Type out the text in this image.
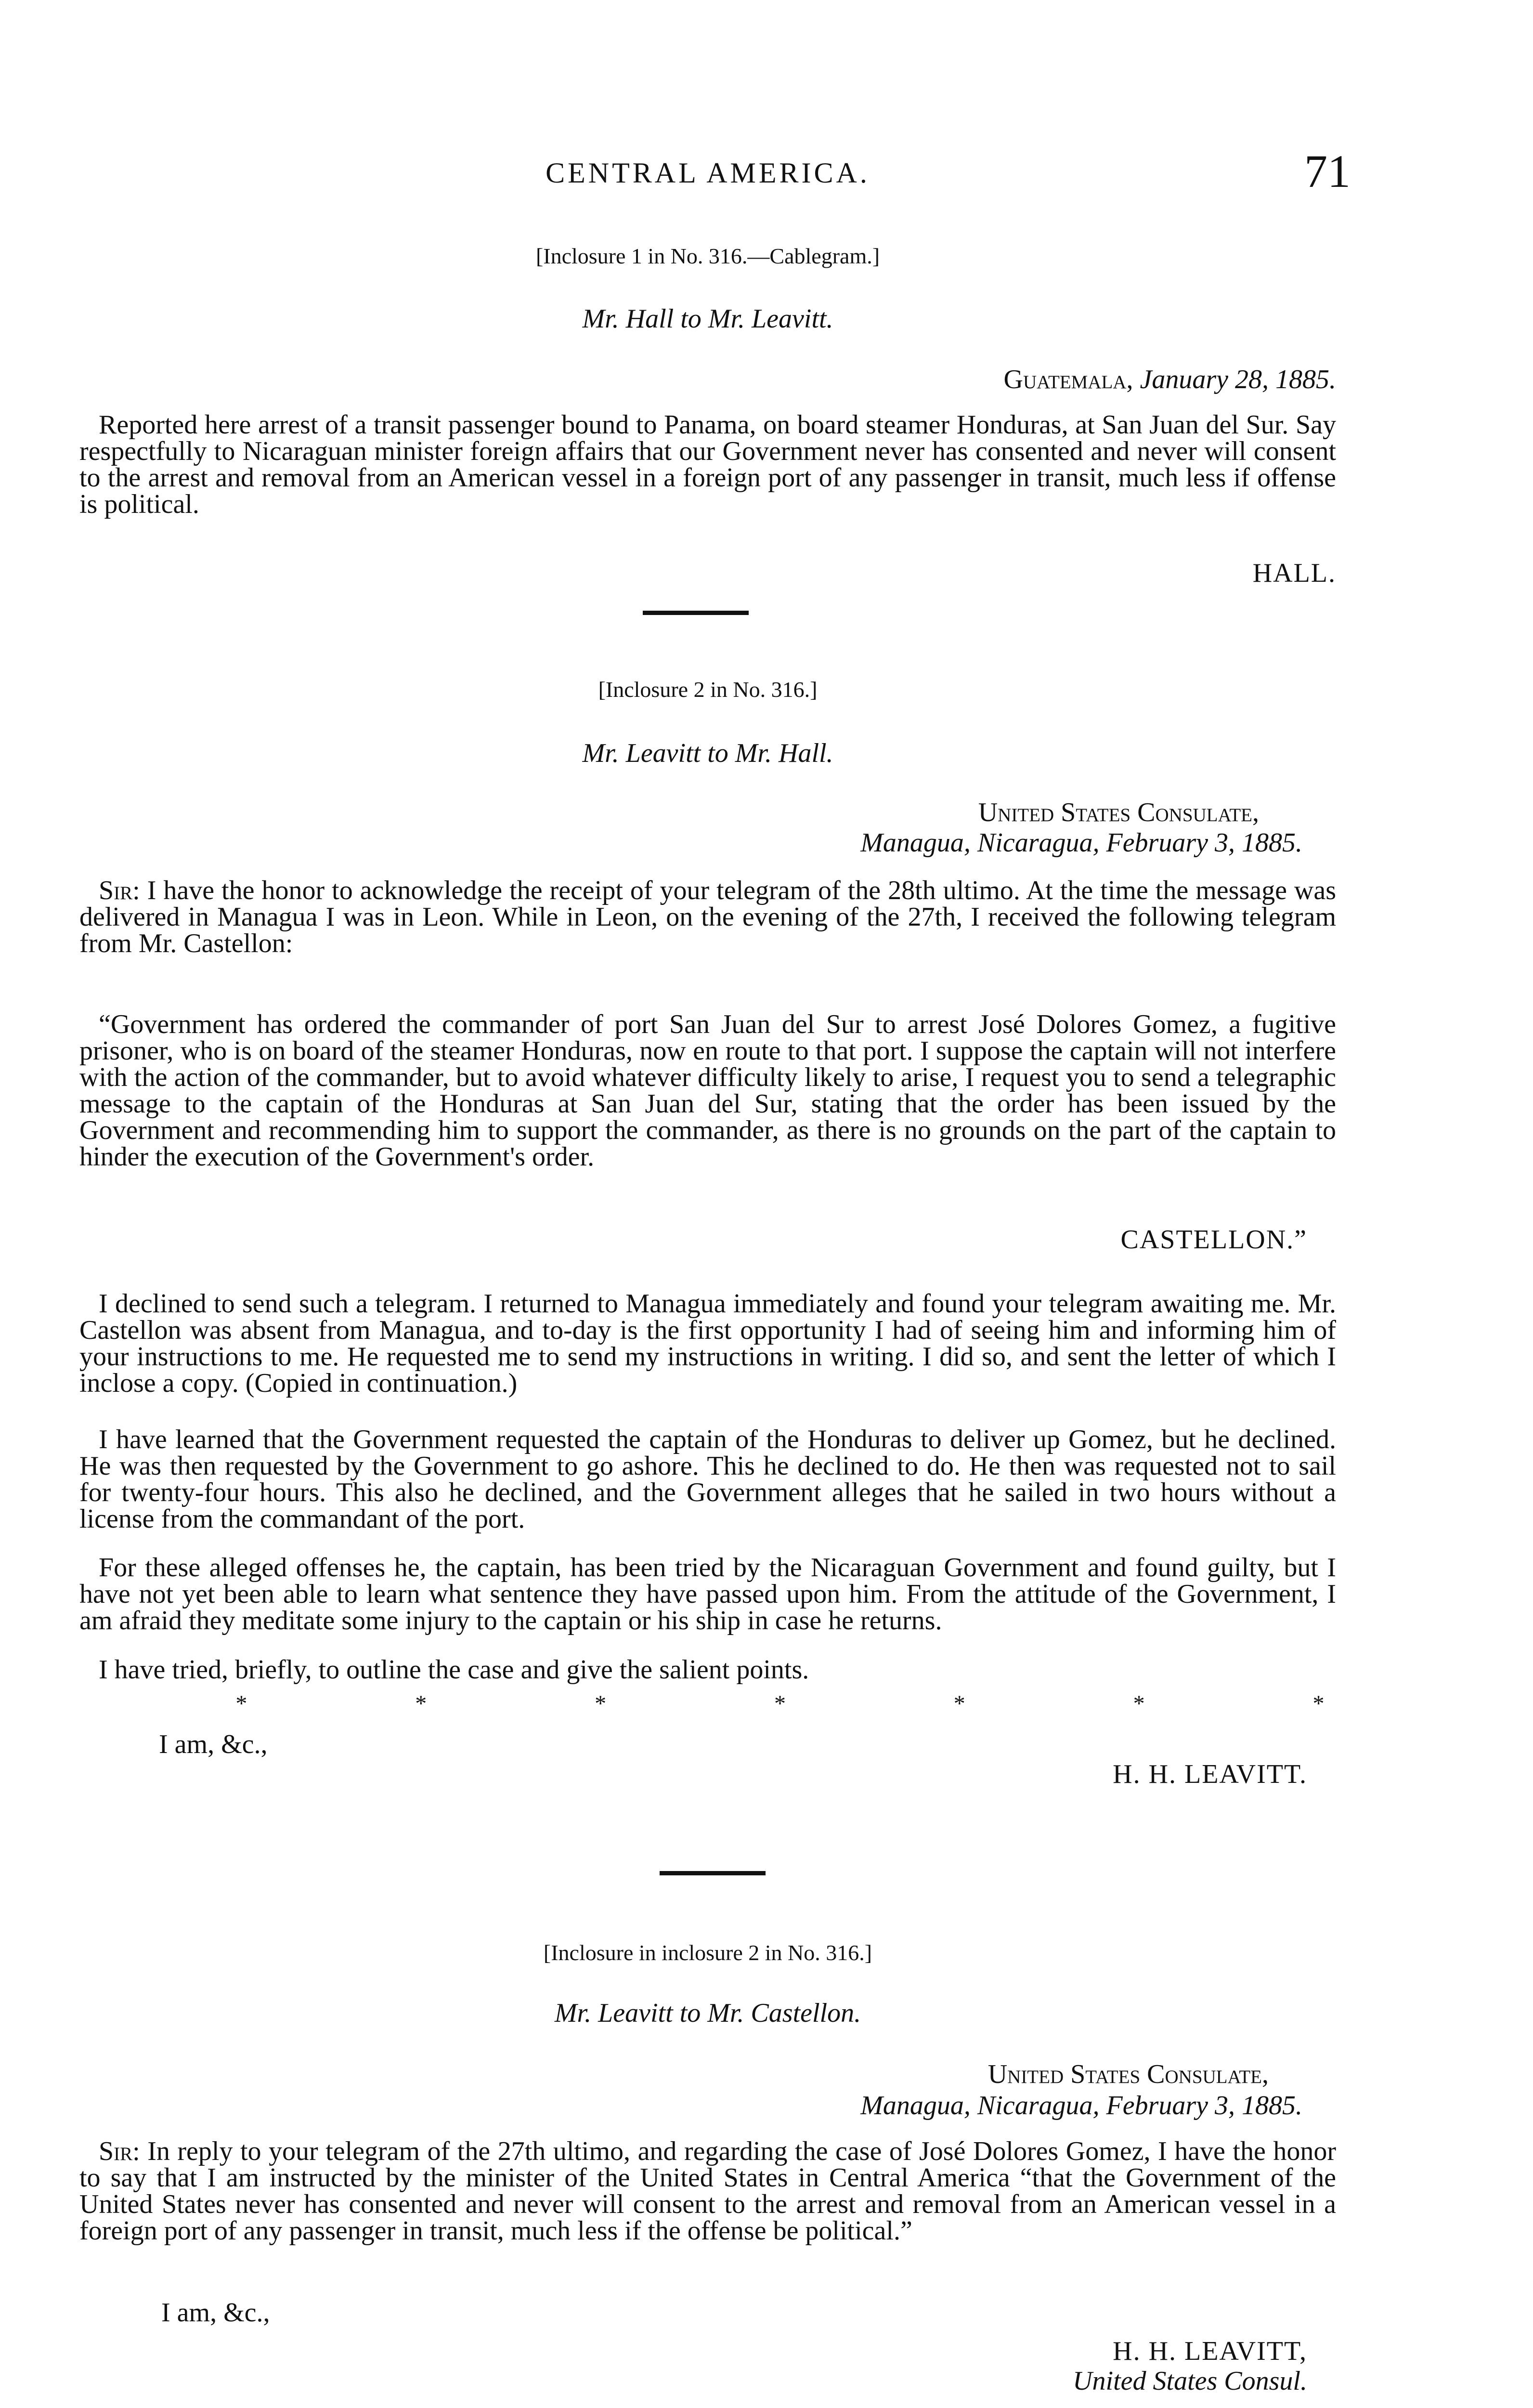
CENTRAL AMERICA.	71
[Inclosure 1 in No. 316.—Cablegram.]
Mr. Hall to Mr. Leavitt.
Guatemala, January 28, 1885.

Reported here arrest of a transit passenger bound to Panama, on board steamer Honduras, at San Juan del Sur. Say respectfully to Nicaraguan minister foreign affairs that our Government never has consented and never will consent to the arrest and removal from an American vessel in a foreign port of any passenger in transit, much less if offense is political.

HALL.
[Inclosure 2 in No. 316.]
Mr. Leavitt to Mr. Hall.
United States Consulate,
Managua, Nicaragua, February 3, 1885.

Sir: I have the honor to acknowledge the receipt of your telegram of the 28th ultimo. At the time the message was delivered in Managua I was in Leon. While in Leon, on the evening of the 27th, I received the following telegram from Mr. Castellon:

“Government has ordered the commander of port San Juan del Sur to arrest José Dolores Gomez, a fugitive prisoner, who is on board of the steamer Honduras, now en route to that port. I suppose the captain will not interfere with the action of the commander, but to avoid whatever difficulty likely to arise, I request you to send a telegraphic message to the captain of the Honduras at San Juan del Sur, stating that the order has been issued by the Government and recommending him to support the commander, as there is no grounds on the part of the captain to hinder the execution of the Government's order.

CASTELLON.”

I declined to send such a telegram. I returned to Managua immediately and found your telegram awaiting me. Mr. Castellon was absent from Managua, and to-day is the first opportunity I had of seeing him and informing him of your instructions to me. He requested me to send my instructions in writing. I did so, and sent the letter of which I inclose a copy. (Copied in continuation.)

I have learned that the Government requested the captain of the Honduras to deliver up Gomez, but he declined. He was then requested by the Government to go ashore. This he declined to do. He then was requested not to sail for twenty-four hours. This also he declined, and the Government alleges that he sailed in two hours without a license from the commandant of the port.

For these alleged offenses he, the captain, has been tried by the Nicaraguan Government and found guilty, but I have not yet been able to learn what sentence they have passed upon him. From the attitude of the Government, I am afraid they meditate some injury to the captain or his ship in case he returns.

I have tried, briefly, to outline the case and give the salient points.

*	*	*	*	*	*	*
I am, &c.,
H. H. LEAVITT.
[Inclosure in inclosure 2 in No. 316.]
Mr. Leavitt to Mr. Castellon.
United States Consulate,
Managua, Nicaragua, February 3, 1885.

Sir: In reply to your telegram of the 27th ultimo, and regarding the case of José Dolores Gomez, I have the honor to say that I am instructed by the minister of the United States in Central America “that the Government of the United States never has consented and never will consent to the arrest and removal from an American vessel in a foreign port of any passenger in transit, much less if the offense be political.”

I am, &c.,
H. H. LEAVITT,
United States Consul.
